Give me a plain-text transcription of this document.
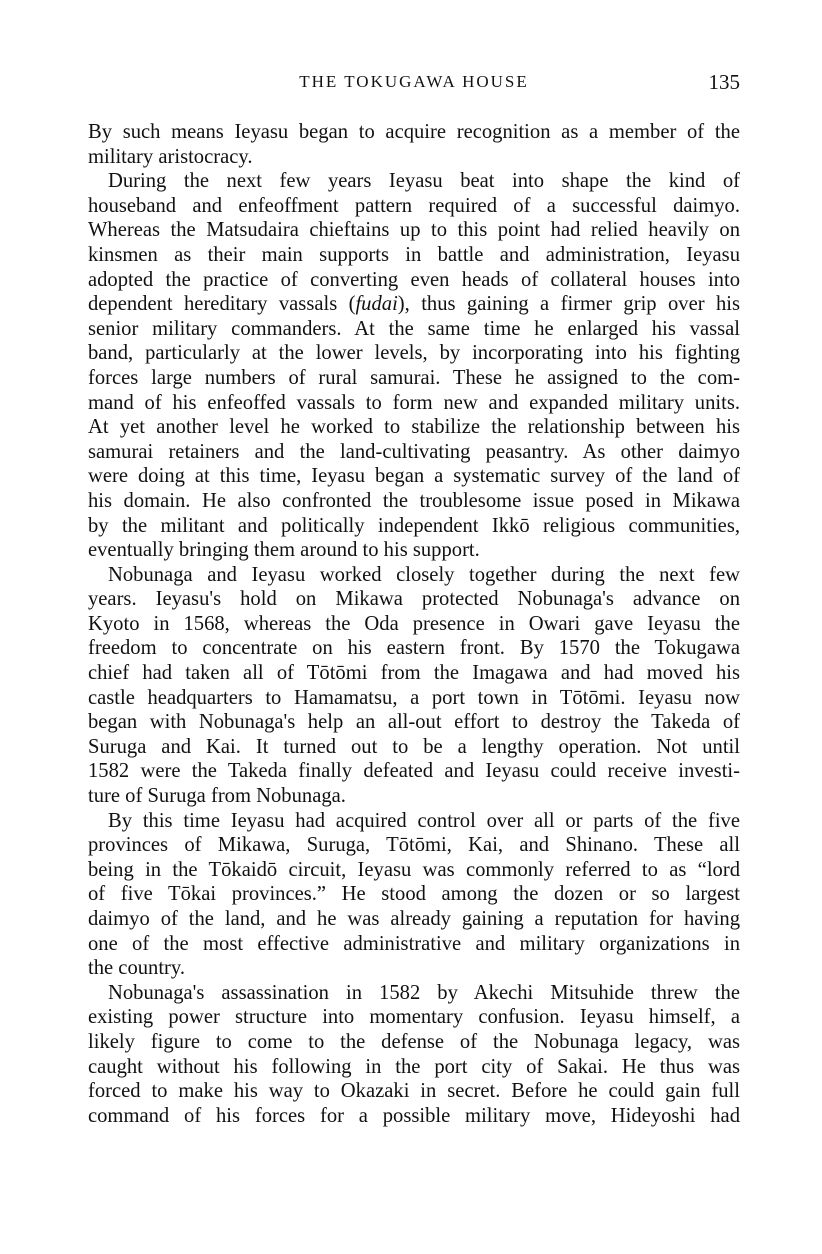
THE TOKUGAWA HOUSE	135
By such means Ieyasu began to acquire recognition as a member of the
military aristocracy.
During the next few years Ieyasu beat into shape the kind of
houseband and enfeoffment pattern required of a successful daimyo.
Whereas the Matsudaira chieftains up to this point had relied heavily on
kinsmen as their main supports in battle and administration, Ieyasu
adopted the practice of converting even heads of collateral houses into
dependent hereditary vassals (fudai), thus gaining a firmer grip over his
senior military commanders. At the same time he enlarged his vassal
band, particularly at the lower levels, by incorporating into his fighting
forces large numbers of rural samurai. These he assigned to the com-
mand of his enfeoffed vassals to form new and expanded military units.
At yet another level he worked to stabilize the relationship between his
samurai retainers and the land-cultivating peasantry. As other daimyo
were doing at this time, Ieyasu began a systematic survey of the land of
his domain. He also confronted the troublesome issue posed in Mikawa
by the militant and politically independent Ikkō religious communities,
eventually bringing them around to his support.
Nobunaga and Ieyasu worked closely together during the next few
years. Ieyasu's hold on Mikawa protected Nobunaga's advance on
Kyoto in 1568, whereas the Oda presence in Owari gave Ieyasu the
freedom to concentrate on his eastern front. By 1570 the Tokugawa
chief had taken all of Tōtōmi from the Imagawa and had moved his
castle headquarters to Hamamatsu, a port town in Tōtōmi. Ieyasu now
began with Nobunaga's help an all-out effort to destroy the Takeda of
Suruga and Kai. It turned out to be a lengthy operation. Not until
1582 were the Takeda finally defeated and Ieyasu could receive investi-
ture of Suruga from Nobunaga.
By this time Ieyasu had acquired control over all or parts of the five
provinces of Mikawa, Suruga, Tōtōmi, Kai, and Shinano. These all
being in the Tōkaidō circuit, Ieyasu was commonly referred to as “lord
of five Tōkai provinces.” He stood among the dozen or so largest
daimyo of the land, and he was already gaining a reputation for having
one of the most effective administrative and military organizations in
the country.
Nobunaga's assassination in 1582 by Akechi Mitsuhide threw the
existing power structure into momentary confusion. Ieyasu himself, a
likely figure to come to the defense of the Nobunaga legacy, was
caught without his following in the port city of Sakai. He thus was
forced to make his way to Okazaki in secret. Before he could gain full
command of his forces for a possible military move, Hideyoshi had
